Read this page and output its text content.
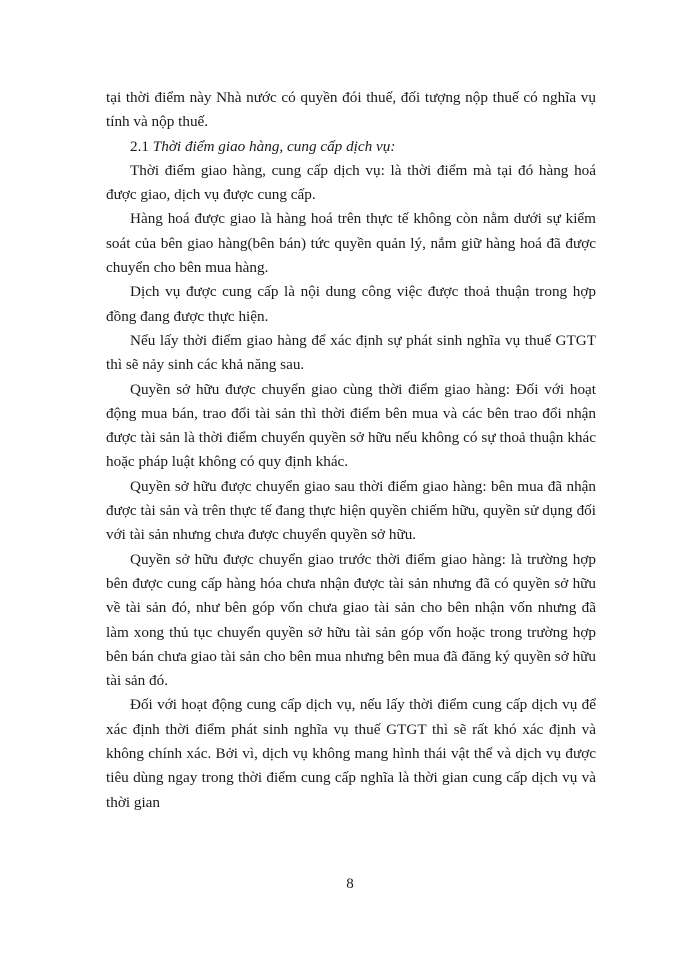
tại thời điểm này Nhà nước có quyền đói thuế, đối tượng nộp thuế có nghĩa vụ tính và nộp thuế.

2.1 Thời điểm giao hàng, cung cấp dịch vụ:

Thời điểm giao hàng, cung cấp dịch vụ: là thời điểm mà tại đó hàng hoá được giao, dịch vụ được cung cấp.

Hàng hoá được giao là hàng hoá trên thực tế không còn nằm dưới sự kiểm soát của bên giao hàng(bên bán) tức quyền quản lý, nắm giữ hàng hoá đã được chuyển cho bên mua hàng.

Dịch vụ được cung cấp là nội dung công việc được thoả thuận trong hợp đồng đang được thực hiện.

Nếu lấy thời điểm giao hàng để xác định sự phát sinh nghĩa vụ thuế GTGT thì sẽ nảy sinh các khả năng sau.

Quyền sở hữu được chuyển giao cùng thời điểm giao hàng: Đối với hoạt động mua bán, trao đổi tài sản thì thời điểm bên mua và các bên trao đổi nhận được tài sản là thời điểm chuyển quyền sở hữu nếu không có sự thoả thuận khác hoặc pháp luật không có quy định khác.

Quyền sở hữu được chuyển giao sau thời điểm giao hàng: bên mua đã nhận được tài sản và trên thực tế đang thực hiện quyền chiếm hữu, quyền sử dụng đối với tài sản nhưng chưa được chuyển quyền sở hữu.

Quyền sở hữu được chuyển giao trước thời điểm giao hàng: là trường hợp bên được cung cấp hàng hóa chưa nhận được tài sản nhưng đã có quyền sở hữu về tài sản đó, như bên góp vốn chưa giao tài sản cho bên nhận vốn nhưng đã làm xong thủ tục chuyển quyền sở hữu tài sản góp vốn hoặc trong trường hợp bên bán chưa giao tài sản cho bên mua nhưng bên mua đã đăng ký quyền sở hữu tài sản đó.

Đối với hoạt động cung cấp dịch vụ, nếu lấy thời điểm cung cấp dịch vụ để xác định thời điểm phát sinh nghĩa vụ thuế GTGT thì sẽ rất khó xác định và không chính xác. Bởi vì, dịch vụ không mang hình thái vật thể và dịch vụ được tiêu dùng ngay trong thời điểm cung cấp nghĩa là thời gian cung cấp dịch vụ và thời gian

8
